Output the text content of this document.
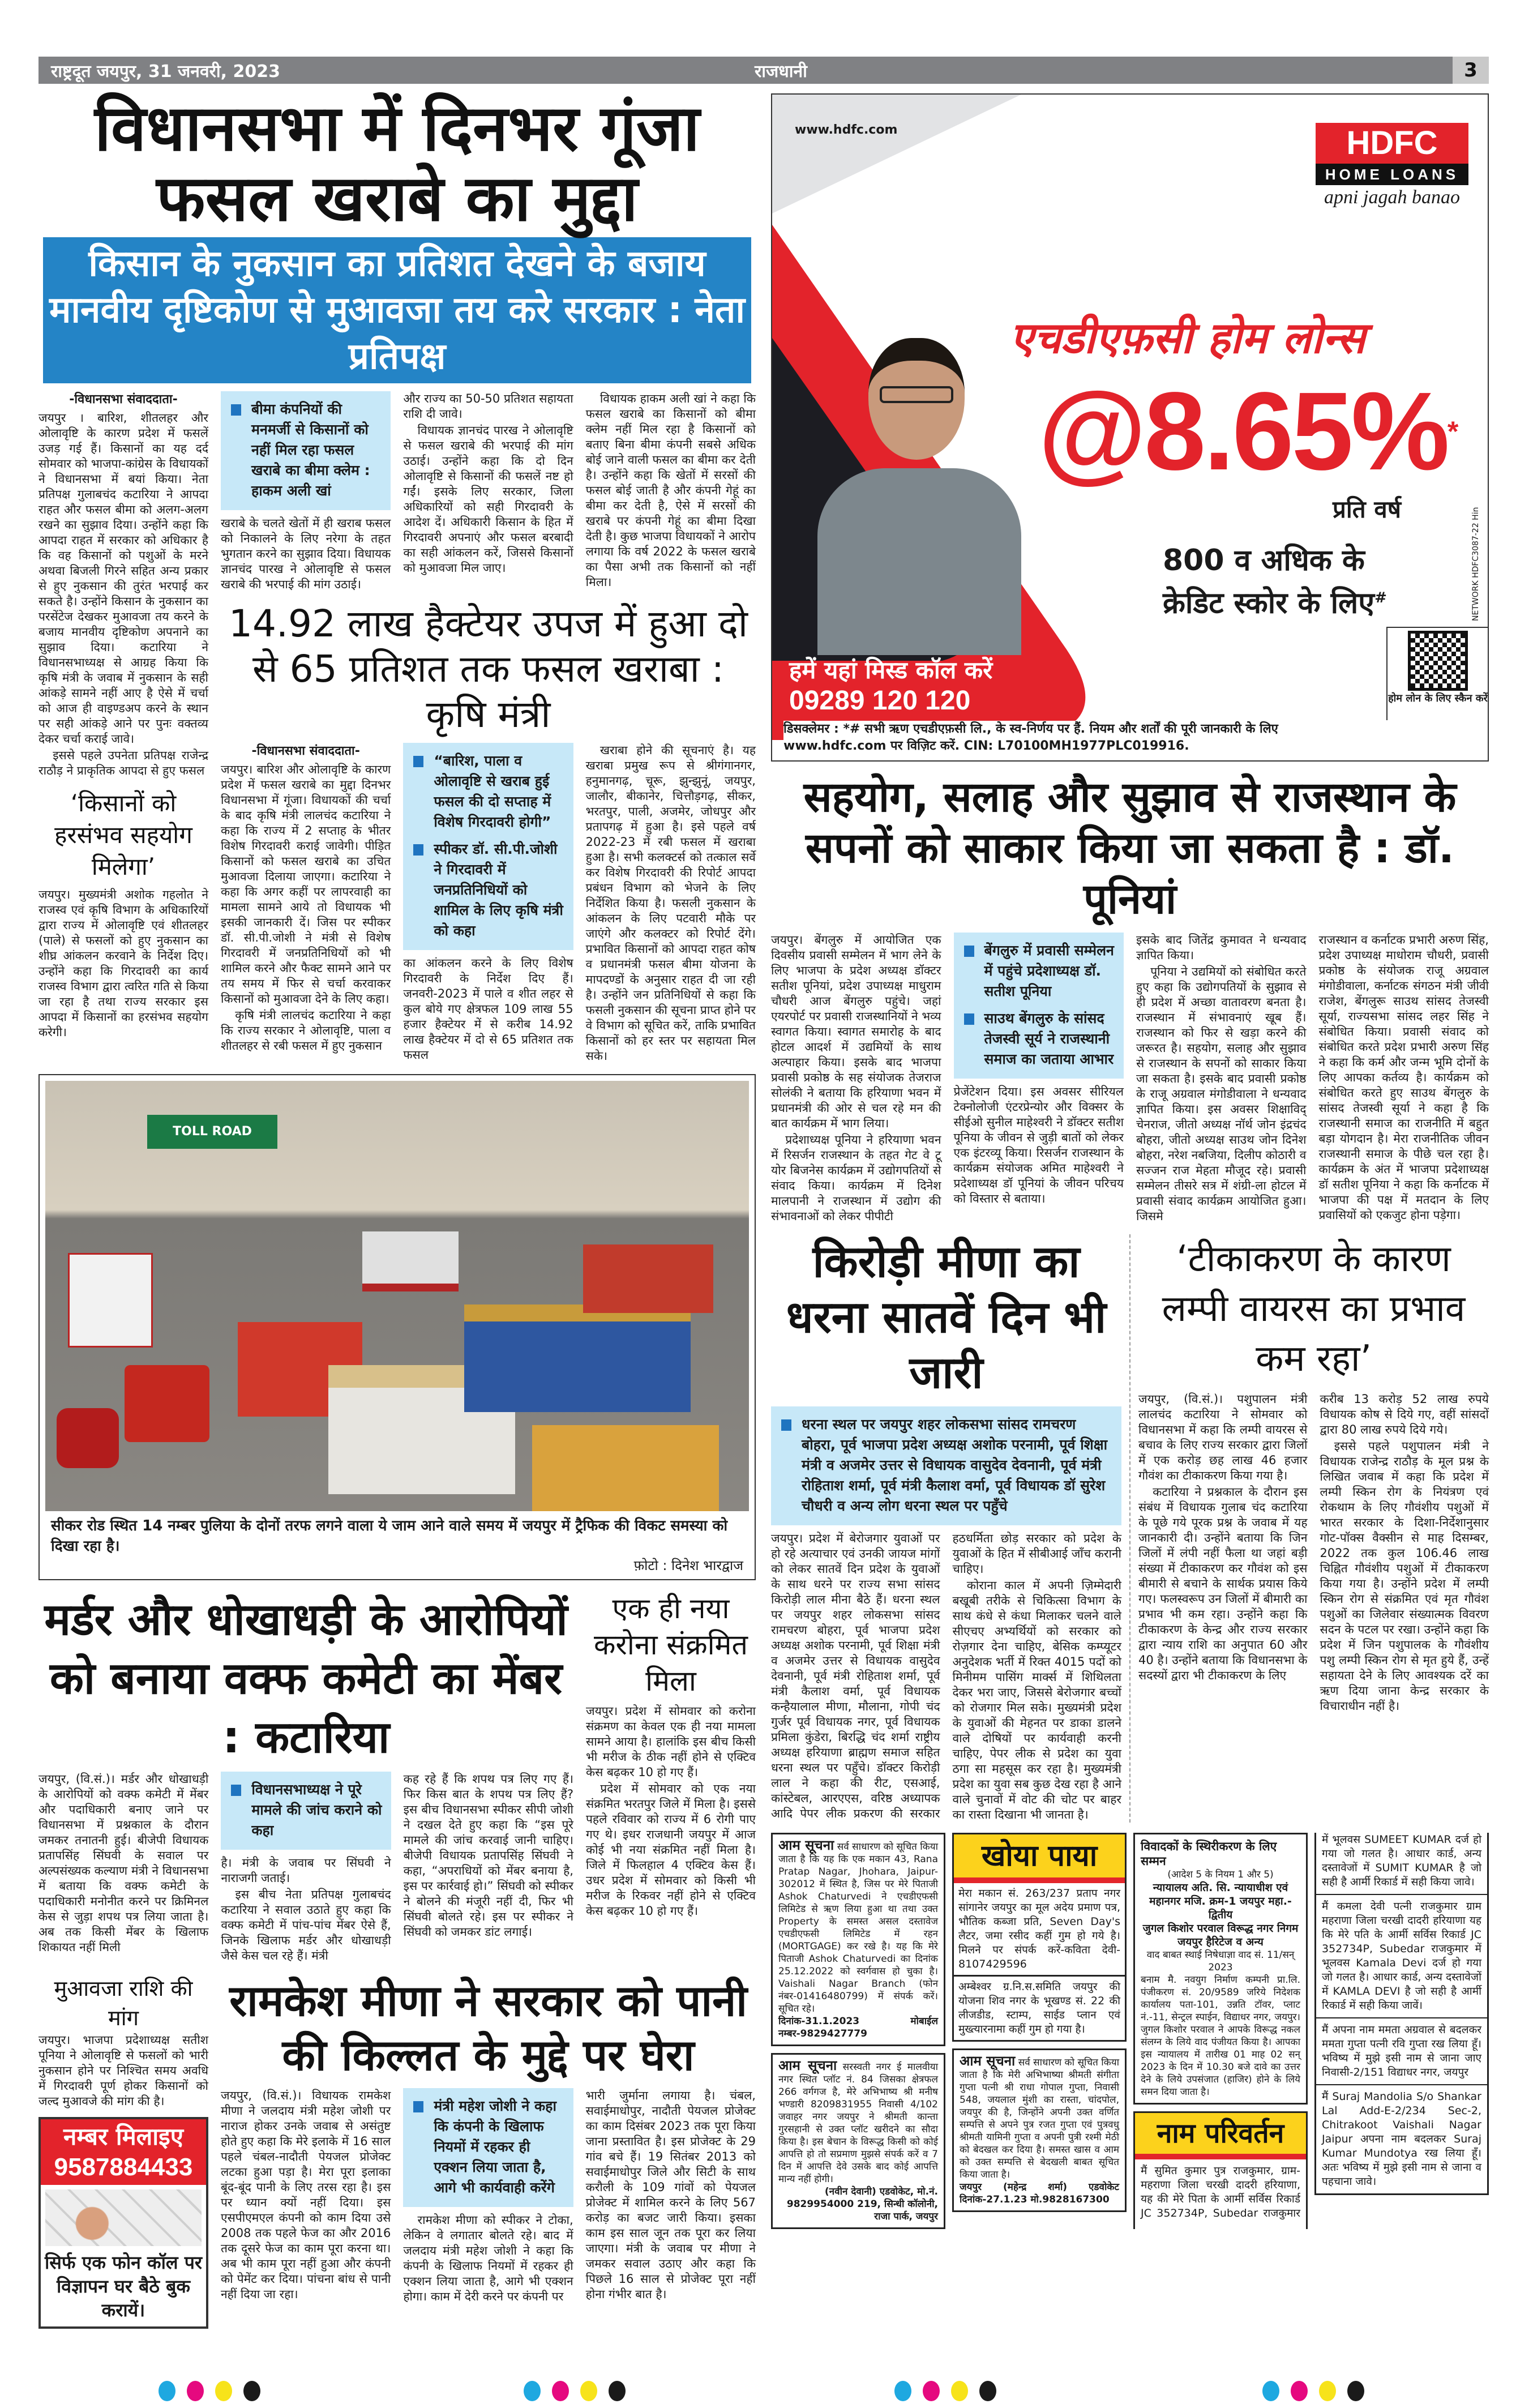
राष्ट्रदूत जयपुर, 31 जनवरी, 2023	राजधानी	3
विधानसभा में दिनभर गूंजा
फसल खराबे का मुद्दा
किसान के नुकसान का प्रतिशत देखने के बजाय मानवीय दृष्टिकोण से मुआवजा तय करे सरकार : नेता प्रतिपक्ष
-विधानसभा संवाददाता-

जयपुर । बारिश, शीतलहर और ओलावृष्टि के कारण प्रदेश में फसलें उजड़ गई हैं। किसानों का यह दर्द सोमवार को भाजपा-कांग्रेस के विधायकों ने विधानसभा में बयां किया। नेता प्रतिपक्ष गुलाबचंद कटारिया ने आपदा राहत और फसल बीमा को अलग-अलग रखने का सुझाव दिया। उन्होंने कहा कि आपदा राहत में सरकार को अधिकार है कि वह किसानों को पशुओं के मरने अथवा बिजली गिरने सहित अन्य प्रकार से हुए नुकसान की तुरंत भरपाई कर सकते है। उन्होंने किसान के नुकसान का परसेंटेज देखकर मुआवजा तय करने के बजाय मानवीय दृष्टिकोण अपनाने का सुझाव दिया। कटारिया ने विधानसभाध्यक्ष से आग्रह किया कि कृषि मंत्री के जवाब में नुकसान के सही आंकड़े सामने नहीं आए है ऐसे में चर्चा को आज ही वाइण्डअप करने के स्थान पर सही आंकड़े आने पर पुनः वक्तव्य देकर चर्चा कराई जावे।

इससे पहले उपनेता प्रतिपक्ष राजेन्द्र राठौड़ ने प्राकृतिक आपदा से हुए फसल

‘किसानों को हरसंभव सहयोग मिलेगा’

जयपुर। मुख्यमंत्री अशोक गहलोत ने राजस्व एवं कृषि विभाग के अधिकारियों द्वारा राज्य में ओलावृष्टि एवं शीतलहर (पाले) से फसलों को हुए नुकसान का शीघ्र आंकलन करवाने के निर्देश दिए। उन्होंने कहा कि गिरदावरी का कार्य राजस्व विभाग द्वारा त्वरित गति से किया जा रहा है तथा राज्य सरकार इस आपदा में किसानों का हरसंभव सहयोग करेगी।

बीमा कंपनियों की मनमर्जी से किसानों को नहीं मिल रहा फसल खराबे का बीमा क्लेम : हाकम अली खां

खराबे के चलते खेतों में ही खराब फसल को निकालने के लिए नरेगा के तहत भुगतान करने का सुझाव दिया। विधायक ज्ञानचंद पारख ने ओलावृष्टि से फसल खराबे की भरपाई की मांग उठाई।

और राज्य का 50-50 प्रतिशत सहायता राशि दी जावे।

विधायक ज्ञानचंद पारख ने ओलावृष्टि से फसल खराबे की भरपाई की मांग उठाई। उन्होंने कहा कि दो दिन ओलावृष्टि से किसानों की फसलें नष्ट हो गईं। इसके लिए सरकार, जिला अधिकारियों को सही गिरदावरी के आदेश दें। अधिकारी किसान के हित में गिरदावरी अपनाएं और फसल बरबादी का सही आंकलन करें, जिससे किसानों को मुआवजा मिल जाए।

विधायक हाकम अली खां ने कहा कि फसल खराबे का किसानों को बीमा क्लेम नहीं मिल रहा है किसानों को बताए बिना बीमा कंपनी सबसे अधिक बोई जाने वाली फसल का बीमा कर देती है। उन्होंने कहा कि खेतों में सरसों की फसल बोई जाती है और कंपनी गेहूं का बीमा कर देती है, ऐसे में सरसों की खराबे पर कंपनी गेहूं का बीमा दिखा देती है। कुछ भाजपा विधायकों ने आरोप लगाया कि वर्ष 2022 के फसल खराबे का पैसा अभी तक किसानों को नहीं मिला।

14.92 लाख हैक्टेयर उपज में हुआ दो से 65 प्रतिशत तक फसल खराबा : कृषि मंत्री
-विधानसभा संवाददाता-

जयपुर। बारिश और ओलावृष्टि के कारण प्रदेश में फसल खराबे का मुद्दा दिनभर विधानसभा में गूंजा। विधायकों की चर्चा के बाद कृषि मंत्री लालचंद कटारिया ने कहा कि राज्य में 2 सप्ताह के भीतर विशेष गिरदावरी कराई जावेगी। पीड़ित किसानों को फसल खराबे का उचित मुआवजा दिलाया जाएगा। कटारिया ने कहा कि अगर कहीं पर लापरवाही का मामला सामने आये तो विधायक भी इसकी जानकारी दें। जिस पर स्पीकर डॉ. सी.पी.जोशी ने मंत्री से विशेष गिरदावरी में जनप्रतिनिधियों को भी शामिल करने और फैक्ट सामने आने पर तय समय में फिर से चर्चा करवाकर किसानों को मुआवजा देने के लिए कहा।

कृषि मंत्री लालचंद कटारिया ने कहा कि राज्य सरकार ने ओलावृष्टि, पाला व शीतलहर से रबी फसल में हुए नुकसान

“बारिश, पाला व ओलावृष्टि से खराब हुई फसल की दो सप्ताह में विशेष गिरदावरी होगी”
स्पीकर डॉ. सी.पी.जोशी ने गिरदावरी में जनप्रतिनिधियों को शामिल के लिए कृषि मंत्री को कहा

का आंकलन करने के लिए विशेष गिरदावरी के निर्देश दिए हैं। जनवरी-2023 में पाले व शीत लहर से कुल बोये गए क्षेत्रफल 109 लाख 55 हजार हैक्टेयर में से करीब 14.92 लाख हैक्टेयर में दो से 65 प्रतिशत तक फसल

खराबा होने की सूचनाएं है। यह खराबा प्रमुख रूप से श्रीगंगानगर, हनुमानगढ़, चूरू, झुन्झुनूं, जयपुर, जालौर, बीकानेर, चित्तौड़गढ़, सीकर, भरतपुर, पाली, अजमेर, जोधपुर और प्रतापगढ़ में हुआ है। इसे पहले वर्ष 2022-23 में रबी फसल में खराबा हुआ है। सभी कलक्टर्स को तत्काल सर्वे कर विशेष गिरदावरी की रिपोर्ट आपदा प्रबंधन विभाग को भेजने के लिए निर्देशित किया है। फसली नुकसान के आंकलन के लिए पटवारी मौके पर जाएंगे और कलक्टर को रिपोर्ट देंगे। प्रभावित किसानों को आपदा राहत कोष व प्रधानमंत्री फसल बीमा योजना के मापदण्डों के अनुसार राहत दी जा रही है। उन्होंने जन प्रतिनिधियों से कहा कि फसली नुकसान की सूचना प्राप्त होने पर वे विभाग को सूचित करें, ताकि प्रभावित किसानों को हर स्तर पर सहायता मिल सके।

TOLL ROAD
सीकर रोड स्थित 14 नम्बर पुलिया के दोनों तरफ लगने वाला ये जाम आने वाले समय में जयपुर में ट्रैफिक की विकट समस्या को दिखा रहा है।
फ़ोटो : दिनेश भारद्वाज
मर्डर और धोखाधड़ी के आरोपियों को बनाया वक्फ कमेटी का मेंबर : कटारिया

जयपुर, (वि.सं.)। मर्डर और धोखाधड़ी के आरोपियों को वक्फ कमेटी में मेंबर और पदाधिकारी बनाए जाने पर विधानसभा में प्रश्नकाल के दौरान जमकर तनातनी हुई। बीजेपी विधायक प्रतापसिंह सिंघवी के सवाल पर अल्पसंख्यक कल्याण मंत्री ने विधानसभा में बताया कि वक्फ कमेटी के पदाधिकारी मनोनीत करने पर क्रिमिनल केस से जुड़ा शपथ पत्र लिया जाता है। अब तक किसी मेंबर के खिलाफ शिकायत नहीं मिली

विधानसभाध्यक्ष ने पूरे मामले की जांच कराने को कहा

है। मंत्री के जवाब पर सिंघवी ने नाराजगी जताई।

इस बीच नेता प्रतिपक्ष गुलाबचंद कटारिया ने सवाल उठाते हुए कहा कि वक्फ कमेटी में पांच-पांच मेंबर ऐसे हैं, जिनके खिलाफ मर्डर और धोखाधड़ी जैसे केस चल रहे हैं। मंत्री

कह रहे हैं कि शपथ पत्र लिए गए हैं। फिर किस बात के शपथ पत्र लिए हैं? इस बीच विधानसभा स्पीकर सीपी जोशी ने दखल देते हुए कहा कि “इस पूरे मामले की जांच करवाई जानी चाहिए। बीजेपी विधायक प्रतापसिंह सिंघवी ने कहा, “अपराधियों को मेंबर बनाया है, इस पर कार्रवाई हो।” सिंघवी को स्पीकर ने बोलने की मंजूरी नहीं दी, फिर भी सिंघवी बोलते रहे। इस पर स्पीकर ने सिंघवी को जमकर डांट लगाई।

एक ही नया करोना संक्रमित मिला

जयपुर। प्रदेश में सोमवार को करोना संक्रमण का केवल एक ही नया मामला सामने आया है। हालांकि इस बीच किसी भी मरीज के ठीक नहीं होने से एक्टिव केस बढ़कर 10 हो गए हैं।

प्रदेश में सोमवार को एक नया संक्रमित भरतपुर जिले में मिला है। इससे पहले रविवार को राज्य में 6 रोगी पाए गए थे। इधर राजधानी जयपुर में आज कोई भी नया संक्रमित नहीं मिला है। जिले में फिलहाल 4 एक्टिव केस हैं। उधर प्रदेश में सोमवार को किसी भी मरीज के रिकवर नहीं होने से एक्टिव केस बढ़कर 10 हो गए हैं।

मुआवजा राशि की मांग

जयपुर। भाजपा प्रदेशाध्यक्ष सतीश पूनिया ने ओलावृष्टि से फसलों को भारी नुकसान होने पर निश्चित समय अवधि में गिरदावरी पूर्ण होकर किसानों को जल्द मुआवजे की मांग की है।

नम्बर मिलाइए
9587884433
सिर्फ एक फोन कॉल पर विज्ञापन घर बैठे बुक करायें।
रामकेश मीणा ने सरकार को पानी की किल्लत के मुद्दे पर घेरा

जयपुर, (वि.सं.)। विधायक रामकेश मीणा ने जलदाय मंत्री महेश जोशी पर नाराज होकर उनके जवाब से असंतुष्ट होते हुए कहा कि मेरे इलाके में 16 साल पहले चंबल-नादौती पेयजल प्रोजेक्ट लटका हुआ पड़ा है। मेरा पूरा इलाका बूंद-बूंद पानी के लिए तरस रहा है। इस पर ध्यान क्यों नहीं दिया। इस एसपीएमएल कंपनी को काम दिया उसे 2008 तक पहले फेज का और 2016 तक दूसरे फेज का काम पूरा करना था। अब भी काम पूरा नहीं हुआ और कंपनी को पेमेंट कर दिया। पांचना बांध से पानी नहीं दिया जा रहा।

मंत्री महेश जोशी ने कहा कि कंपनी के खिलाफ नियमों में रहकर ही एक्शन लिया जाता है, आगे भी कार्यवाही करेंगे

रामकेश मीणा को स्पीकर ने टोका, लेकिन वे लगातार बोलते रहे। बाद में जलदाय मंत्री महेश जोशी ने कहा कि कंपनी के खिलाफ नियमों में रहकर ही एक्शन लिया जाता है, आगे भी एक्शन होगा। काम में देरी करने पर कंपनी पर

भारी जुर्माना लगाया है। चंबल, सवाईमाधोपुर, नादौती पेयजल प्रोजेक्ट का काम दिसंबर 2023 तक पूरा किया जाना प्रस्तावित है। इस प्रोजेक्ट के 29 गांव बचे हैं। 19 सितंबर 2013 को सवाईमाधोपुर जिले और सिटी के साथ करौली के 109 गांवों को पेयजल प्रोजेक्ट में शामिल करने के लिए 567 करोड़ का बजट जारी किया। इसका काम इस साल जून तक पूरा कर लिया जाएगा। मंत्री के जवाब पर मीणा ने जमकर सवाल उठाए और कहा कि पिछले 16 साल से प्रोजेक्ट पूरा नहीं होना गंभीर बात है।

www.hdfc.com	HDFC
HOME LOANS
apni jagah banao
एचडीएफ़सी होम लोन्स
@8.65%*
प्रति वर्ष
800 व अधिक के
क्रेडिट स्कोर के लिए#	NETWORK HDFC3087-22 Hin
हमें यहां मिस्ड कॉल करें
09289 120 120
डिसक्लेमर : *# सभी ऋण एचडीएफ़सी लि., के स्व-निर्णय पर हैं. नियम और शर्तों की पूरी जानकारी के लिए www.hdfc.com पर विज़िट करें. CIN: L70100MH1977PLC019916.
होम लोन के लिए स्कैन करें
सहयोग, सलाह और सुझाव से राजस्थान के सपनों को साकार किया जा सकता है : डॉ. पूनियां

जयपुर। बेंगलुरु में आयोजित एक दिवसीय प्रवासी सम्मेलन में भाग लेने के लिए भाजपा के प्रदेश अध्यक्ष डॉक्टर सतीश पूनियां, प्रदेश उपाध्यक्ष माधुराम चौधरी आज बेंगलुरु पहुंचे। जहां एयरपोर्ट पर प्रवासी राजस्थानियों ने भव्य स्वागत किया। स्वागत समारोह के बाद होटल आदर्श में उद्यमियों के साथ अल्पाहार किया। इसके बाद भाजपा प्रवासी प्रकोष्ठ के सह संयोजक तेजराज सोलंकी ने बताया कि हरियाणा भवन में प्रधानमंत्री की ओर से चल रहे मन की बात कार्यक्रम में भाग लिया।

प्रदेशाध्यक्ष पूनिया ने हरियाणा भवन में रिसर्जन राजस्थान के तहत गेट वे टू योर बिजनेस कार्यक्रम में उद्योगपतियों से संवाद किया। कार्यक्रम में दिनेश मालपानी ने राजस्थान में उद्योग की संभावनाओं को लेकर पीपीटी

बेंगलुरु में प्रवासी सम्मेलन में पहुंचे प्रदेशाध्यक्ष डॉ. सतीश पूनिया
साउथ बेंगलुरु के सांसद तेजस्वी सूर्य ने राजस्थानी समाज का जताया आभार

प्रेजेंटेशन दिया। इस अवसर सीरियल टेक्नोलोजी एंटरप्रेन्योर और विक्सर के सीईओ सुनील माहेश्वरी ने डॉक्टर सतीश पूनिया के जीवन से जुड़ी बातों को लेकर एक इंटरव्यू किया। रिसर्जन राजस्थान के कार्यक्रम संयोजक अमित माहेश्वरी ने प्रदेशाध्यक्ष डॉ पूनियां के जीवन परिचय को विस्तार से बताया।

इसके बाद जितेंद्र कुमावत ने धन्यवाद ज्ञापित किया।

पूनिया ने उद्यमियों को संबोधित करते हुए कहा कि उद्योगपतियों के सुझाव से ही प्रदेश में अच्छा वातावरण बनता है। राजस्थान में संभावनाएं खूब हैं। राजस्थान को फिर से खड़ा करने की जरूरत है। सहयोग, सलाह और सुझाव से राजस्थान के सपनों को साकार किया जा सकता है। इसके बाद प्रवासी प्रकोष्ठ के राजू अग्रवाल मंगोडीवाला ने धन्यवाद ज्ञापित किया। इस अवसर शिक्षाविद् चेनराज, जीतो अध्यक्ष नॉर्थ जोन इंद्रचंद बोहरा, जीतो अध्यक्ष साउथ जोन दिनेश बोहरा, नरेश नबजिया, दिलीप कोठारी व सज्जन राज मेहता मौजूद रहे। प्रवासी सम्मेलन तीसरे सत्र में शंग्री-ला होटल में प्रवासी संवाद कार्यक्रम आयोजित हुआ। जिसमे

राजस्थान व कर्नाटक प्रभारी अरुण सिंह, प्रदेश उपाध्यक्ष माधोराम चौधरी, प्रवासी प्रकोष्ठ के संयोजक राजू अग्रवाल मंगोडीवाला, कर्नाटक संगठन मंत्री जीवी राजेश, बेंगलुरू साउथ सांसद तेजस्वी सूर्या, राज्यसभा सांसद लहर सिंह ने संबोधित किया। प्रवासी संवाद को संबोधित करते प्रदेश प्रभारी अरुण सिंह ने कहा कि कर्म और जन्म भूमि दोनों के लिए आपका कर्तव्य है। कार्यक्रम को संबोधित करते हुए साउथ बेंगलुरु के सांसद तेजस्वी सूर्या ने कहा है कि राजस्थानी समाज का राजनीति में बहुत बड़ा योगदान है। मेरा राजनीतिक जीवन राजस्थानी समाज के पीछे चल रहा है। कार्यक्रम के अंत में भाजपा प्रदेशाध्यक्ष डॉ सतीश पूनिया ने कहा कि कर्नाटक में भाजपा की पक्ष में मतदान के लिए प्रवासियों को एकजुट होना पड़ेगा।

किरोड़ी मीणा का धरना सातवें दिन भी जारी
धरना स्थल पर जयपुर शहर लोकसभा सांसद रामचरण बोहरा, पूर्व भाजपा प्रदेश अध्यक्ष अशोक परनामी, पूर्व शिक्षा मंत्री व अजमेर उत्तर से विधायक वासुदेव देवनानी, पूर्व मंत्री रोहिताश शर्मा, पूर्व मंत्री कैलाश वर्मा, पूर्व विधायक डॉ सुरेश चौधरी व अन्य लोग धरना स्थल पर पहुँचे

जयपुर। प्रदेश में बेरोजगार युवाओं पर हो रहे अत्याचार एवं उनकी जायज मांगों को लेकर सातवें दिन प्रदेश के युवाओं के साथ धरने पर राज्य सभा सांसद किरोड़ी लाल मीना बैठे हैं। धरना स्थल पर जयपुर शहर लोकसभा सांसद रामचरण बोहरा, पूर्व भाजपा प्रदेश अध्यक्ष अशोक परनामी, पूर्व शिक्षा मंत्री व अजमेर उत्तर से विधायक वासुदेव देवनानी, पूर्व मंत्री रोहिताश शर्मा, पूर्व मंत्री कैलाश वर्मा, पूर्व विधायक कन्हैयालाल मीणा, मौलाना, गोपी चंद गुर्जर पूर्व विधायक नगर, पूर्व विधायक प्रमिला कुंडेरा, बिरद्धि चंद शर्मा राष्ट्रीय अध्यक्ष हरियाणा ब्राह्मण समाज सहित धरना स्थल पर पहुँचे। डॉक्टर किरोड़ी लाल ने कहा की रीट, एसआई, कांस्टेबल, आरएएस, वरिष्ठ अध्यापक आदि पेपर लीक प्रकरण की सरकार हठधर्मिता छोड़ सरकार को प्रदेश के युवाओं के हित में सीबीआई जाँच करानी चाहिए।

कोराना काल में अपनी ज़िम्मेदारी बखूबी तरीके से चिकित्सा विभाग के साथ कंधे से कंधा मिलाकर चलने वाले सीएचए अभ्यर्थियों को सरकार को रोज़गार देना चाहिए, बेसिक कम्प्यूटर अनुदेशक भर्ती में रिक्त 4015 पदों को मिनीमम पासिंग मार्क्स में शिथिलता देकर भरा जाए, जिससे बेरोजगार बच्चों को रोजगार मिल सके। मुख्यमंत्री प्रदेश के युवाओं की मेहनत पर डाका डालने वाले दोषियों पर कार्यवाही करनी चाहिए, पेपर लीक से प्रदेश का युवा ठगा सा महसूस कर रहा है। मुख्यमंत्री प्रदेश का युवा सब कुछ देख रहा है आने वाले चुनावों में वोट की चोट पर बाहर का रास्ता दिखाना भी जानता है।

‘टीकाकरण के कारण लम्पी वायरस का प्रभाव कम रहा’

जयपुर, (वि.सं.)। पशुपालन मंत्री लालचंद कटारिया ने सोमवार को विधानसभा में कहा कि लम्पी वायरस से बचाव के लिए राज्य सरकार द्वारा जिलों में एक करोड़ छह लाख 46 हजार गौवंश का टीकाकरण किया गया है।

कटारिया ने प्रश्नकाल के दौरान इस संबंध में विधायक गुलाब चंद कटारिया के पूछे गये पूरक प्रश्न के जवाब में यह जानकारी दी। उन्होंने बताया कि जिन जिलों में लंपी नहीं फैला था जहां बड़ी संख्या में टीकाकरण कर गौवंश को इस बीमारी से बचाने के सार्थक प्रयास किये गए। फलस्वरूप उन जिलों में बीमारी का प्रभाव भी कम रहा। उन्होंने कहा कि टीकाकरण के केन्द्र और राज्य सरकार द्वारा न्याय राशि का अनुपात 60 और 40 है। उन्होंने बताया कि विधानसभा के सदस्यों द्वारा भी टीकाकरण के लिए

करीब 13 करोड़ 52 लाख रुपये विधायक कोष से दिये गए, वहीं सांसदों द्वारा 80 लाख रुपये दिये गये।

इससे पहले पशुपालन मंत्री ने विधायक राजेन्द्र राठौड़ के मूल प्रश्न के लिखित जवाब में कहा कि प्रदेश में लम्पी स्किन रोग के नियंत्रण एवं रोकथाम के लिए गौवंशीय पशुओं में भारत सरकार के दिशा-निर्देशानुसार गोट-पॉक्स वैक्सीन से माह दिसम्बर, 2022 तक कुल 106.46 लाख चिह्नित गौवंशीय पशुओं में टीकाकरण किया गया है। उन्होंने प्रदेश में लम्पी स्किन रोग से संक्रमित एवं मृत गौवंश पशुओं का जिलेवार संख्यात्मक विवरण सदन के पटल पर रखा। उन्होंने कहा कि प्रदेश में जिन पशुपालक के गौवंशीय पशु लम्पी स्किन रोग से मृत हुये हैं, उन्हें सहायता देने के लिए आवश्यक दरें का ऋण दिया जाना केन्द्र सरकार के विचाराधीन नहीं है।

आम सूचना सर्व साधारण को सूचित किया जाता है कि यह कि एक मकान 43, Rana Pratap Nagar, Jhohara, Jaipur-302012 में स्थित है, जिस पर मेरे पिताजी Ashok Chaturvedi ने एचडीएफसी लिमिटेड से ऋण लिया हुआ था तथा उक्त Property के समस्त असल दस्तावेज एचडीएफसी लिमिटेड में रहन (MORTGAGE) कर रखे है। यह कि मेरे पिताजी Ashok Chaturvedi का दिनांक 25.12.2022 को स्वर्गवास हो चुका है। Vaishali Nagar Branch (फोन नंबर-01416480799) में संपर्क करें। सूचित रहे।
दिनांक-31.1.2023 मोबाईल नम्बर-9829427779
आम सूचना सरस्वती नगर ई मालवीया नगर स्थित प्लॉट नं. 84 जिसका क्षेत्रफल 266 वर्गगज है, मेरे अभिभाष्य श्री मनीष भण्डारी 8209831955 निवासी 4/102 जवाहर नगर जयपुर ने श्रीमती कान्ता गुरसहानी से उक्त प्लॉट खरीदने का सौदा किया है। इस बेचान के विरूद्ध किसी को कोई आपत्ति हो तो सप्रमाण मुझसे संपर्क करें व 7 दिन में आपत्ति देवे उसके बाद कोई आपत्ति मान्य नहीं होगी।
(नवीन देवानी) एडवोकेट, मो.नं. 9829954000 219, सिन्धी कॉलोनी, राजा पार्क, जयपुर
खोया पाया
मेरा मकान सं. 263/237 प्रताप नगर सांगानेर जयपुर का मूल अदेय प्रमाण पत्र, भौतिक कब्जा प्रति, Seven Day's लैटर, जमा रसीद कहीं गुम हो गये है। मिलने पर संपर्क करें-कविता देवी- 8107429596
अम्बेश्वर ग्र.नि.स.समिति जयपुर की योजना शिव नगर के भूखण्ड सं. 22 की लीजडीड, स्टाम्प, साईड प्लान एवं मुख्त्यारनामा कहीं गुम हो गया है।
आम सूचना सर्व साधारण को सूचित किया जाता है कि मेरी अभिभाष्या श्रीमती संगीता गुप्ता पत्नी श्री राधा गोपाल गुप्ता, निवासी 548, जयलाल मुंशी का रास्ता, चांदपोल, जयपुर की है, जिन्होंने अपनी उक्त वर्णित सम्पत्ति से अपने पुत्र रजत गुप्ता एवं पुत्रवधु श्रीमती यामिनी गुप्ता व अपनी पुत्री रश्मी मेठी को बेदखल कर दिया है। समस्त खास व आम को उक्त सम्पत्ति से बेदखली बाबत सूचित किया जाता है।
जयपुर (महेन्द्र शर्मा) एडवोकेट दिनांक-27.1.23 मो.9828167300
विवादकों के स्थिरीकरण के लिए सम्मन
(आदेश 5 के नियम 1 और 5)
न्यायालय अति. सि. न्यायाधीश एवं महानगर मजि. क्रम-1 जयपुर महा.-द्वितीय
जुगल किशोर परवाल विरूद्ध नगर निगम जयपुर हैरिटेज व अन्य
वाद बाबत स्थाई निषेधाज्ञा वाद सं. 11/सन् 2023
बनाम मै. नवयुग निर्माण कम्पनी प्रा.लि. पंजीकरण सं. 20/9589 जरिये निदेशक कार्यालय पता-101, उन्नति टॉवर, प्लाट नं.-11, सेन्ट्रल स्पाईन, विद्याधर नगर, जयपुर। जुगल किशोर परवाल ने आपके विरूद्ध नकल संलग्न के लिये वाद पंजीयत किया है। आपका इस न्यायालय में तारीख 01 माह 02 सन् 2023 के दिन में 10.30 बजे दावे का उत्तर देने के लिये उपसंजात (हाजिर) होने के लिये समन दिया जाता है।
नाम परिवर्तन
मैं सुमित कुमार पुत्र राजकुमार, ग्राम-महराणा जिला चरखी दादरी हरियाणा, यह की मेरे पिता के आर्मी सर्विस रिकार्ड JC 352734P, Subedar राजकुमार में भूलवस SUMEET KUMAR दर्ज हो गया जो गलत है। आधार कार्ड, अन्य दस्तावेजों में SUMIT KUMAR है जो सही है आर्मी रिकार्ड में सही किया जावे।
मैं कमला देवी पत्नी राजकुमार ग्राम महराणा जिला चरखी दादरी हरियाणा यह कि मेरे पति के आर्मी सर्विस रिकार्ड JC 352734P, Subedar राजकुमार में भूलवस Kamala Devi दर्ज हो गया जो गलत है। आधार कार्ड, अन्य दस्तावेजों में KAMLA DEVI है जो सही है आर्मी रिकार्ड में सही किया जावें।
मैं अपना नाम ममता अग्रवाल से बदलकर ममता गुप्ता पत्नी रवि गुप्ता रख लिया हूँ। भविष्य में मुझे इसी नाम से जाना जाए निवासी-2/151 विद्याधर नगर, जयपुर
मैं Suraj Mandolia S/o Shankar Lal Add-E-2/234 Sec-2, Chitrakoot Vaishali Nagar Jaipur अपना नाम बदलकर Suraj Kumar Mundotya रख लिया हूँ। अतः भविष्य में मुझे इसी नाम से जाना व पहचाना जावे।
